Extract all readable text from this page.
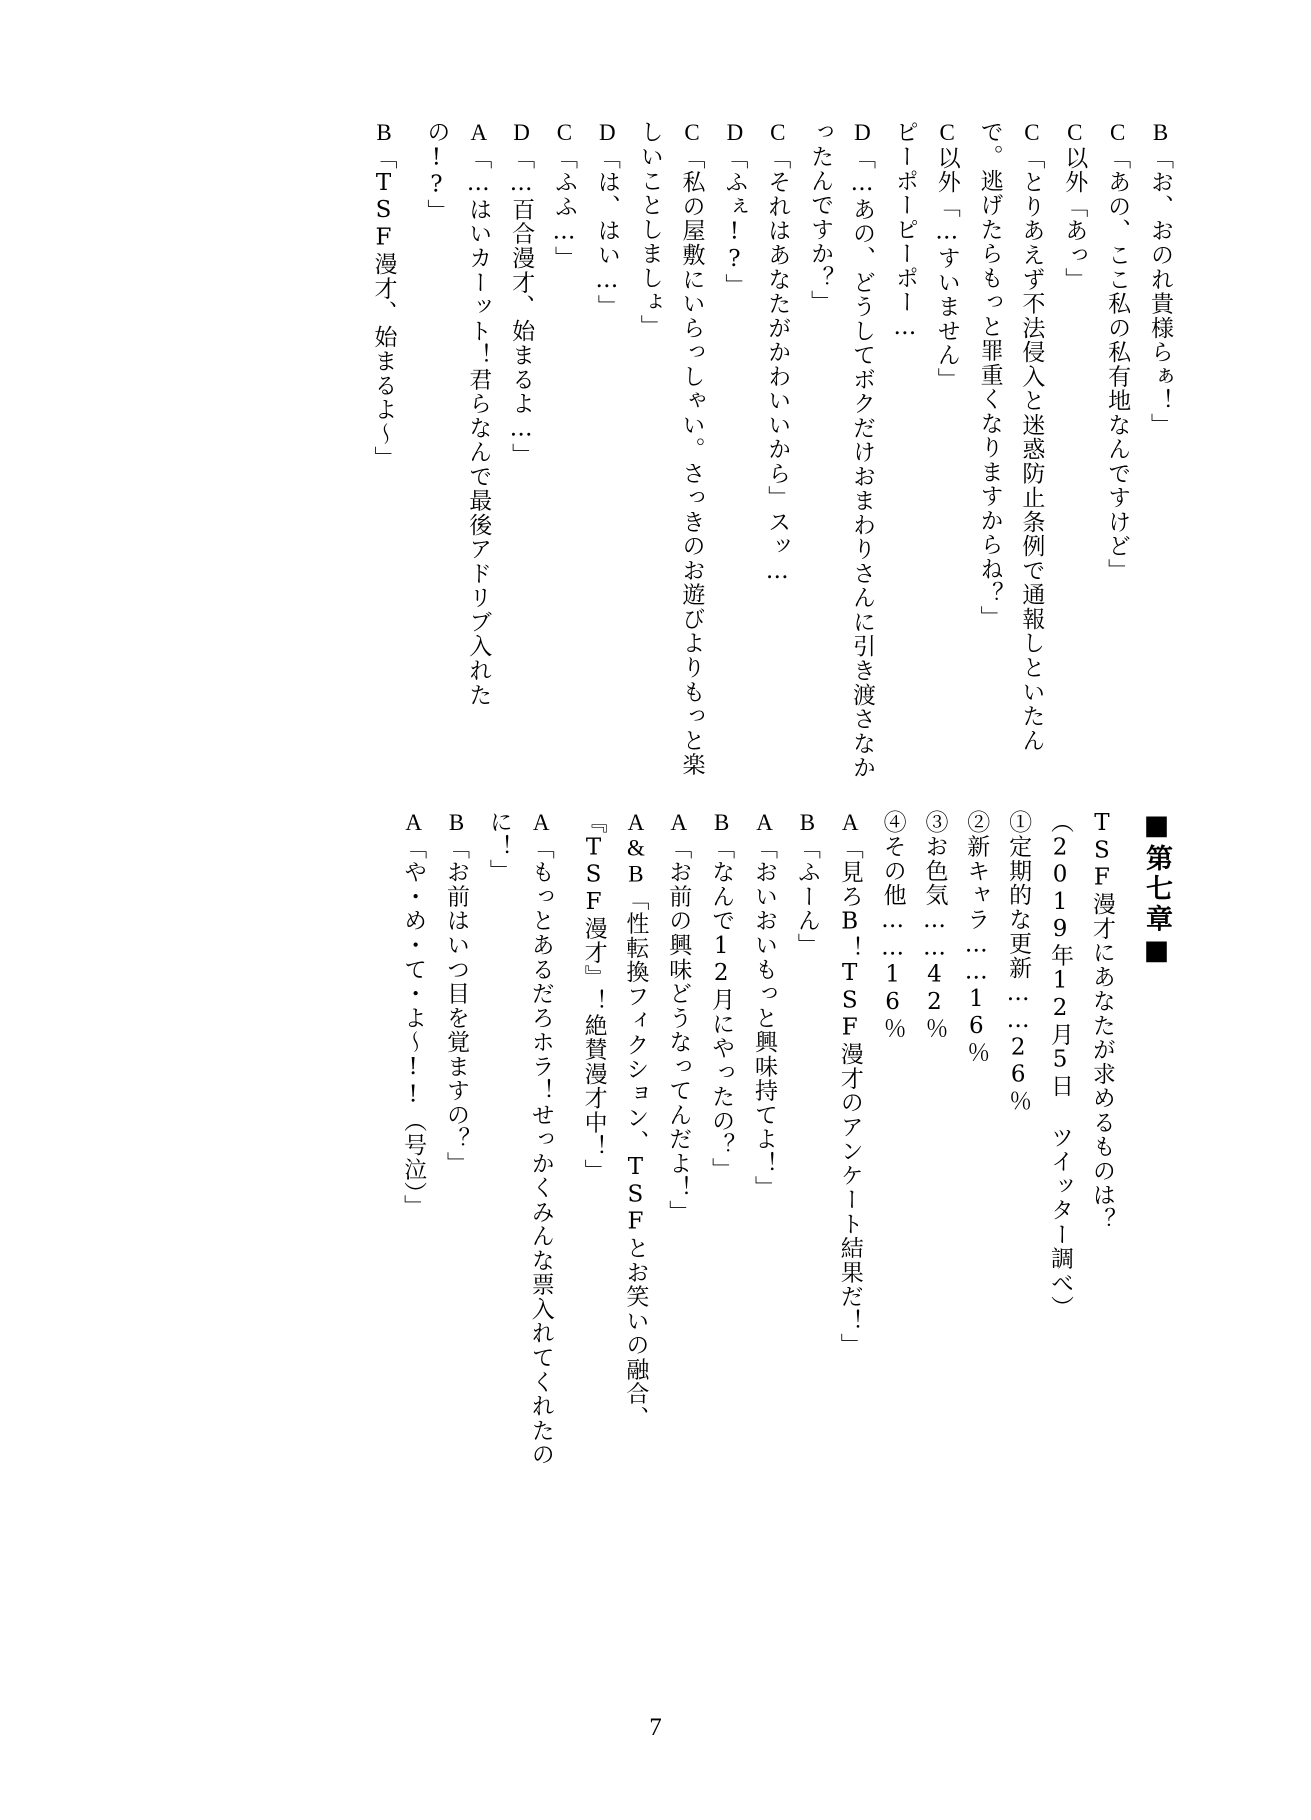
B「お、おのれ貴様らぁ！」
C「あの、ここ私の私有地なんですけど」
C以外「あっ」
C「とりあえず不法侵入と迷惑防止条例で通報しといたんで。逃げたらもっと罪重くなりますからね？」
C以外「…すいません」
ピーポーピーポー…
D「…あの、どうしてボクだけおまわりさんに引き渡さなかったんですか？」
C「それはあなたがかわいいから」スッ…
D「ふぇ!?」
C「私の屋敷にいらっしゃい。さっきのお遊びよりもっと楽しいことしましょ」
D「は、はい…」
C「ふふ…」
D「…百合漫才、始まるよ…」
A「…はいカーット！君らなんで最後アドリブ入れたの!?」
B「TSF漫才、始まるよ～」
■第七章■
TSF漫才にあなたが求めるものは？
（2019年12月5日 ツイッター調べ）
①定期的な更新……26％
②新キャラ……16％
③お色気……42％
④その他……16％
A「見ろB！TSF漫才のアンケート結果だ！」
B「ふーん」
A「おいおいもっと興味持てよ！」
B「なんで12月にやったの？」
A「お前の興味どうなってんだよ！」
A&B「性転換フィクション、TSFとお笑いの融合、『TSF漫才』！絶賛漫才中！」
A「もっとあるだろホラ！せっかくみんな票入れてくれたのに！」
B「お前はいつ目を覚ますの？」
A「や・め・て・よ～!!（号泣）」
7
